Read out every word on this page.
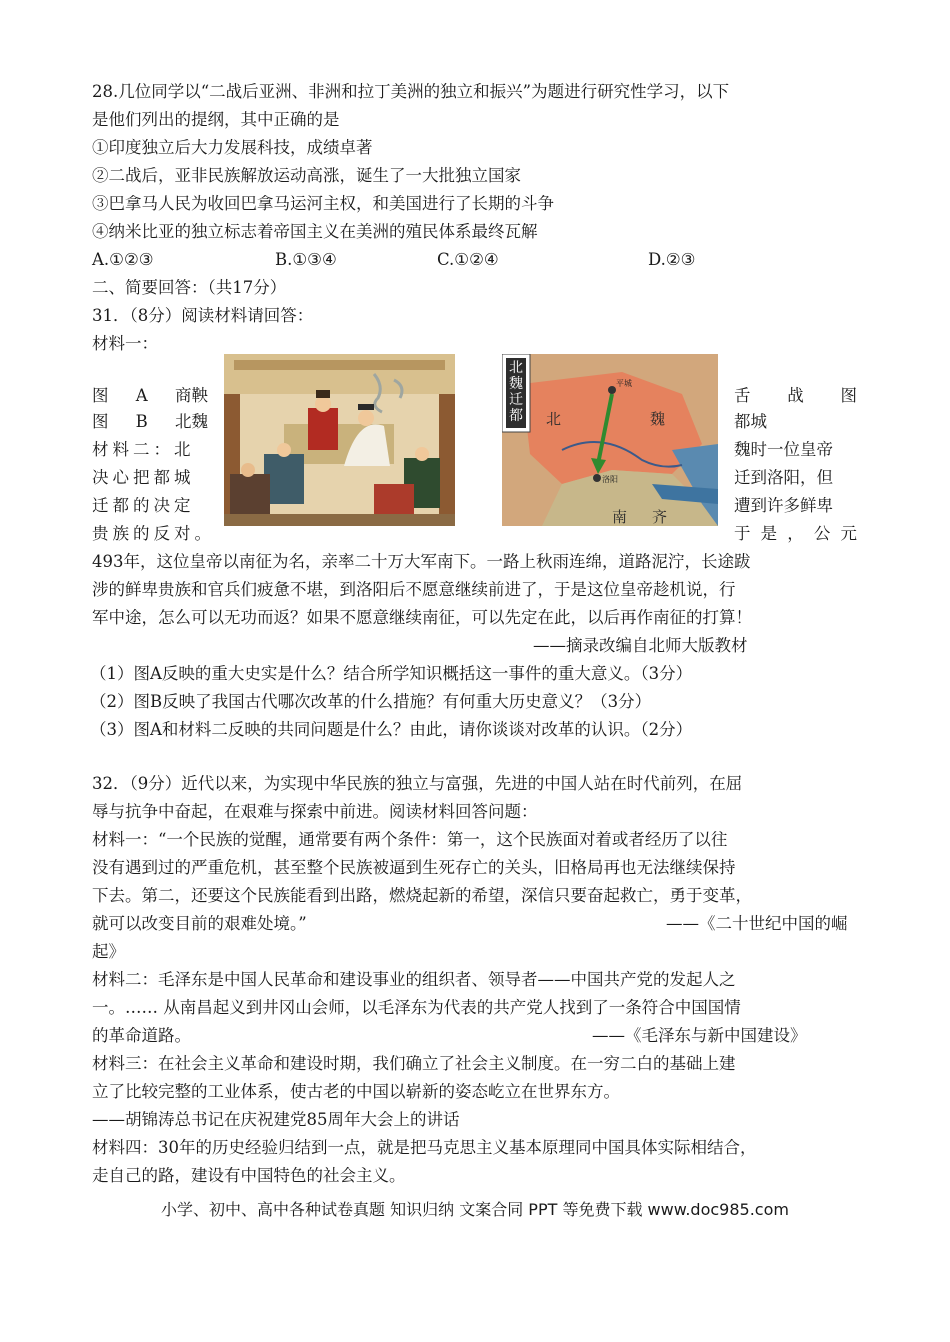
28.几位同学以“二战后亚洲、非洲和拉丁美洲的独立和振兴”为题进行研究性学习，以下
是他们列出的提纲，其中正确的是
①印度独立后大力发展科技，成绩卓著
②二战后，亚非民族解放运动高涨，诞生了一大批独立国家
③巴拿马人民为收回巴拿马运河主权，和美国进行了长期的斗争
④纳米比亚的独立标志着帝国主义在美洲的殖民体系最终瓦解
A.①②③	B.①③④	C.①②④	D.②③
二、简要回答：（共17分）
31．（8分）阅读材料请回答：
材料一：
图 A 商鞅
图 B 北魏
材料二：北
决心把都城
迁都的决定
贵族的反对。
舌 战 图
都城
魏时一位皇帝
迁到洛阳，但
遭到许多鲜卑
于 是 ， 公 元
北魏迁都 北	魏
南 齐
平城
洛阳
493年，这位皇帝以南征为名，亲率二十万大军南下。一路上秋雨连绵，道路泥泞，长途跋
涉的鲜卑贵族和官兵们疲惫不堪，到洛阳后不愿意继续前进了，于是这位皇帝趁机说，行
军中途，怎么可以无功而返？如果不愿意继续南征，可以先定在此，以后再作南征的打算！
——摘录改编自北师大版教材
（1）图A反映的重大史实是什么？结合所学知识概括这一事件的重大意义。（3分）
（2）图B反映了我国古代哪次改革的什么措施？有何重大历史意义？（3分）
（3）图A和材料二反映的共同问题是什么？由此，请你谈谈对改革的认识。（2分）
32．（9分）近代以来，为实现中华民族的独立与富强，先进的中国人站在时代前列，在屈
辱与抗争中奋起，在艰难与探索中前进。阅读材料回答问题：
材料一：“一个民族的觉醒，通常要有两个条件：第一，这个民族面对着或者经历了以往
没有遇到过的严重危机，甚至整个民族被逼到生死存亡的关头，旧格局再也无法继续保持
下去。第二，还要这个民族能看到出路，燃烧起新的希望，深信只要奋起救亡，勇于变革，
就可以改变目前的艰难处境。”	——《二十世纪中国的崛
起》
材料二：毛泽东是中国人民革命和建设事业的组织者、领导者——中国共产党的发起人之
一。…… 从南昌起义到井冈山会师，以毛泽东为代表的共产党人找到了一条符合中国国情
的革命道路。	——《毛泽东与新中国建设》
材料三：在社会主义革命和建设时期，我们确立了社会主义制度。在一穷二白的基础上建
立了比较完整的工业体系，使古老的中国以崭新的姿态屹立在世界东方。
——胡锦涛总书记在庆祝建党85周年大会上的讲话
材料四：30年的历史经验归结到一点，就是把马克思主义基本原理同中国具体实际相结合，
走自己的路，建设有中国特色的社会主义。
小学、初中、高中各种试卷真题 知识归纳 文案合同 PPT 等免费下载 www.doc985.com
